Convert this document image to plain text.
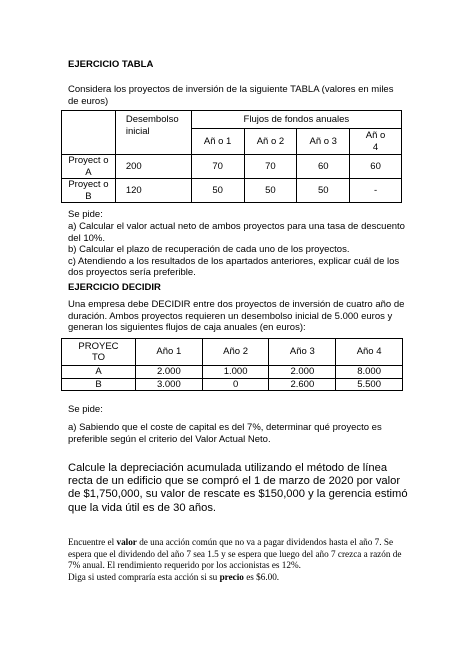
EJERCICIO TABLA
Considera los proyectos de inversión de la siguiente TABLA (valores en miles de euros)
	Desembolso inicial	Flujos de fondos anuales			
		Añ o 1	Añ o 2	Añ o 3	Añ o 4
Proyect o A	200	70	70	60	60
Proyect o B	120	50	50	50	-
Se pide:

a) Calcular el valor actual neto de ambos proyectos para una tasa de descuento del 10%.

b) Calcular el plazo de recuperación de cada uno de los proyectos.

c) Atendiendo a los resultados de los apartados anteriores, explicar cuál de los dos proyectos sería preferible.

EJERCICIO DECIDIR
Una empresa debe DECIDIR entre dos proyectos de inversión de cuatro año de duración. Ambos proyectos requieren un desembolso inicial de 5.000 euros y generan los siguientes flujos de caja anuales (en euros):
PROYEC TO	Año 1	Año 2	Año 3	Año 4
A	2.000	1.000	2.000	8.000
B	3.000	0	2.600	5.500
Se pide:
a) Sabiendo que el coste de capital es del 7%, determinar qué proyecto es preferible según el criterio del Valor Actual Neto.
Calcule la depreciación acumulada utilizando el método de línea recta de un edificio que se compró el 1 de marzo de 2020 por valor de $1,750,000, su valor de rescate es $150,000 y la gerencia estimó que la vida útil es de 30 años.
Encuentre el valor de una acción común que no va a pagar dividendos hasta el año 7. Se espera que el dividendo del año 7 sea 1.5 y se espera que luego del año 7 crezca a razón de 7% anual. El rendimiento requerido por los accionistas es 12%.
Diga si usted compraría esta acción si su precio es $6.00.
